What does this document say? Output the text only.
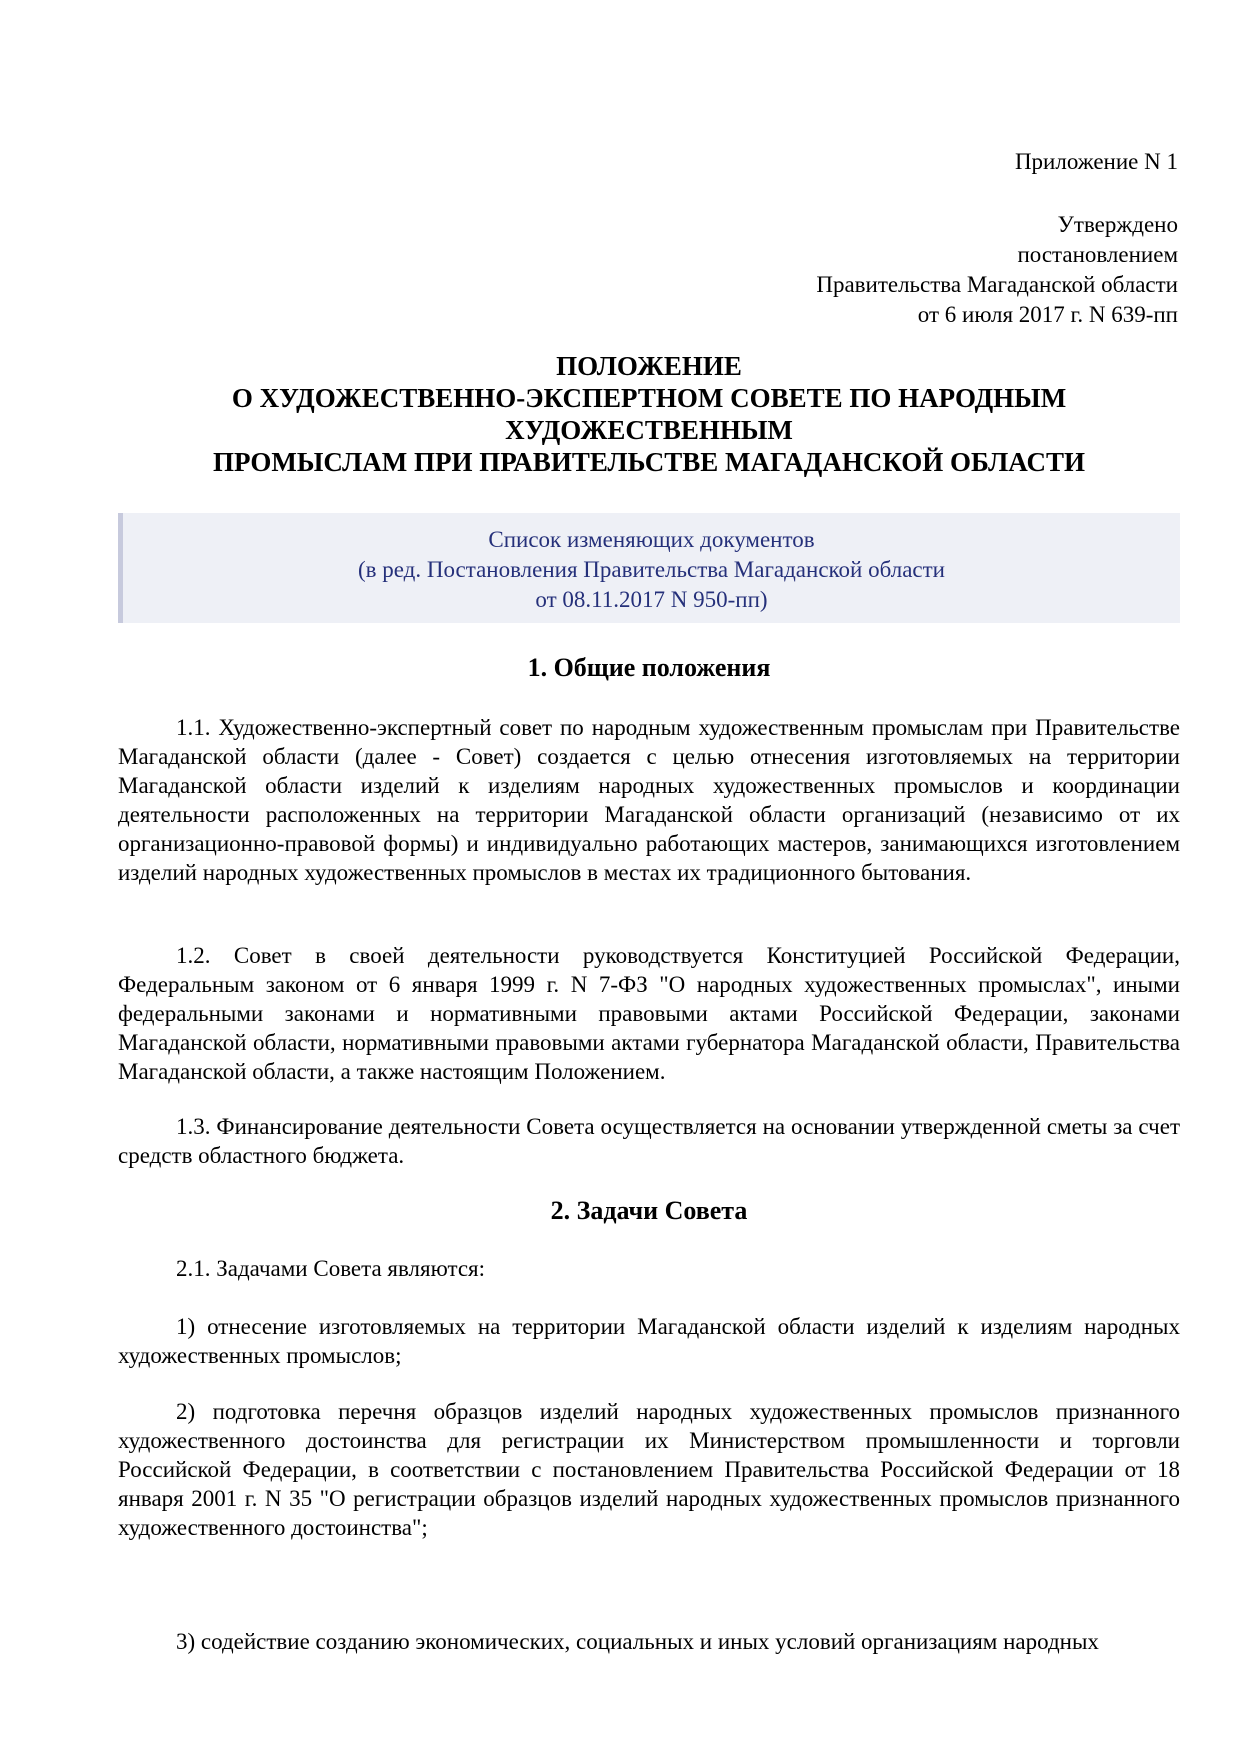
Приложение N 1
Утверждено
постановлением
Правительства Магаданской области
от 6 июля 2017 г. N 639-пп
ПОЛОЖЕНИЕ
О ХУДОЖЕСТВЕННО-ЭКСПЕРТНОМ СОВЕТЕ ПО НАРОДНЫМ
ХУДОЖЕСТВЕННЫМ
ПРОМЫСЛАМ ПРИ ПРАВИТЕЛЬСТВЕ МАГАДАНСКОЙ ОБЛАСТИ
Список изменяющих документов
(в ред. Постановления Правительства Магаданской области
от 08.11.2017 N 950-пп)
1. Общие положения

1.1. Художественно-экспертный совет по народным художественным промыслам при Правительстве Магаданской области (далее - Совет) создается с целью отнесения изготовляемых на территории Магаданской области изделий к изделиям народных художественных промыслов и координации деятельности расположенных на территории Магаданской области организаций (независимо от их организационно-правовой формы) и индивидуально работающих мастеров, занимающихся изготовлением изделий народных художественных промыслов в местах их традиционного бытования.

1.2. Совет в своей деятельности руководствуется Конституцией Российской Федерации, Федеральным законом от 6 января 1999 г. N 7-ФЗ "О народных художественных промыслах", иными федеральными законами и нормативными правовыми актами Российской Федерации, законами Магаданской области, нормативными правовыми актами губернатора Магаданской области, Правительства Магаданской области, а также настоящим Положением.

1.3. Финансирование деятельности Совета осуществляется на основании утвержденной сметы за счет средств областного бюджета.

2. Задачи Совета

2.1. Задачами Совета являются:

1) отнесение изготовляемых на территории Магаданской области изделий к изделиям народных художественных промыслов;

2) подготовка перечня образцов изделий народных художественных промыслов признанного художественного достоинства для регистрации их Министерством промышленности и торговли Российской Федерации, в соответствии с постановлением Правительства Российской Федерации от 18 января 2001 г. N 35 "О регистрации образцов изделий народных художественных промыслов признанного художественного достоинства";

3) содействие созданию экономических, социальных и иных условий организациям народных
